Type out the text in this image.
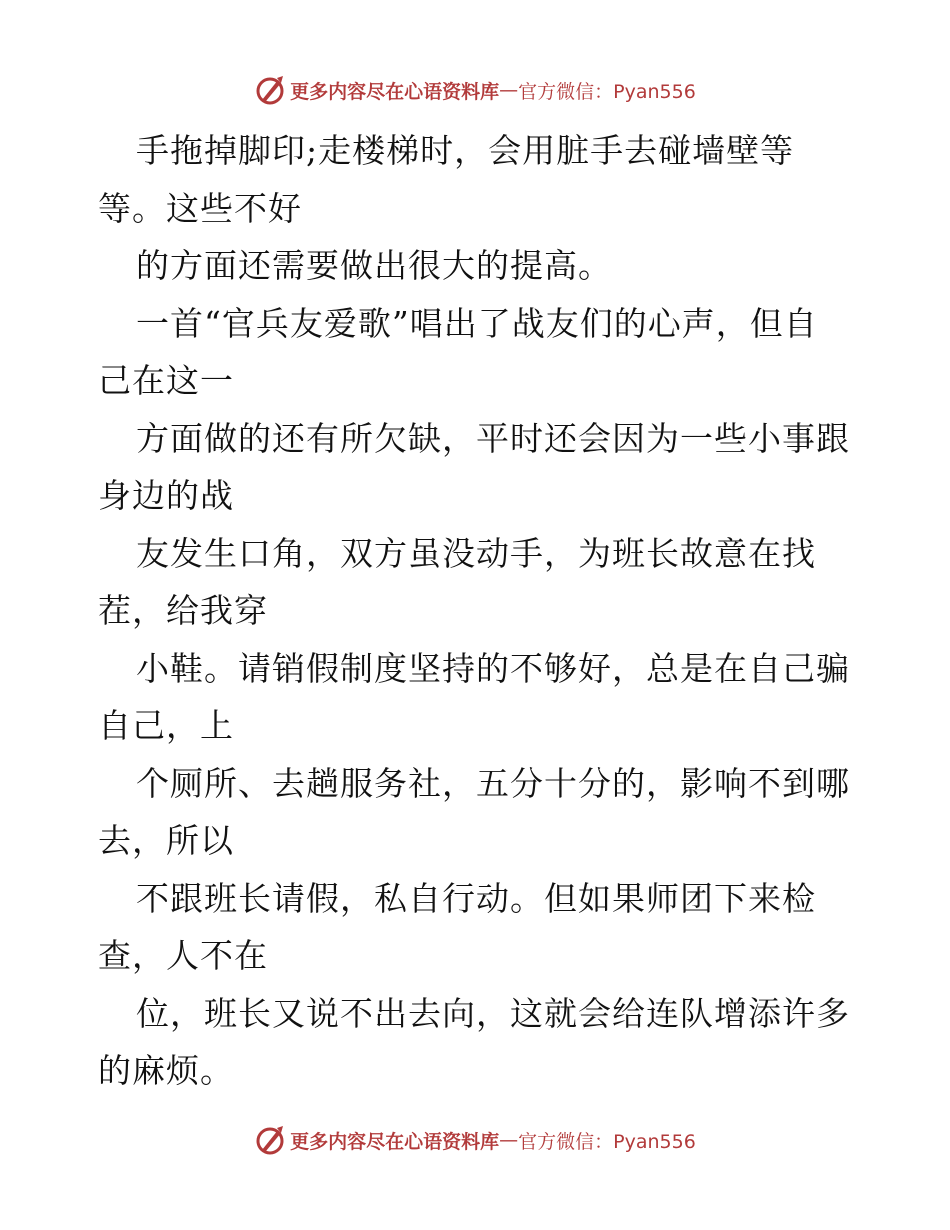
更多内容尽在心语资料库 — 官方微信：Pyan556
手拖掉脚印;走楼梯时，会用脏手去碰墙壁等
等。这些不好
的方面还需要做出很大的提高。
一首“官兵友爱歌”唱出了战友们的心声，但自
己在这一
方面做的还有所欠缺，平时还会因为一些小事跟
身边的战
友发生口角，双方虽没动手，为班长故意在找
茬，给我穿
小鞋。请销假制度坚持的不够好，总是在自己骗
自己，上
个厕所、去趟服务社，五分十分的，影响不到哪
去，所以
不跟班长请假，私自行动。但如果师团下来检
查，人不在
位，班长又说不出去向，这就会给连队增添许多
的麻烦。
更多内容尽在心语资料库 — 官方微信：Pyan556
